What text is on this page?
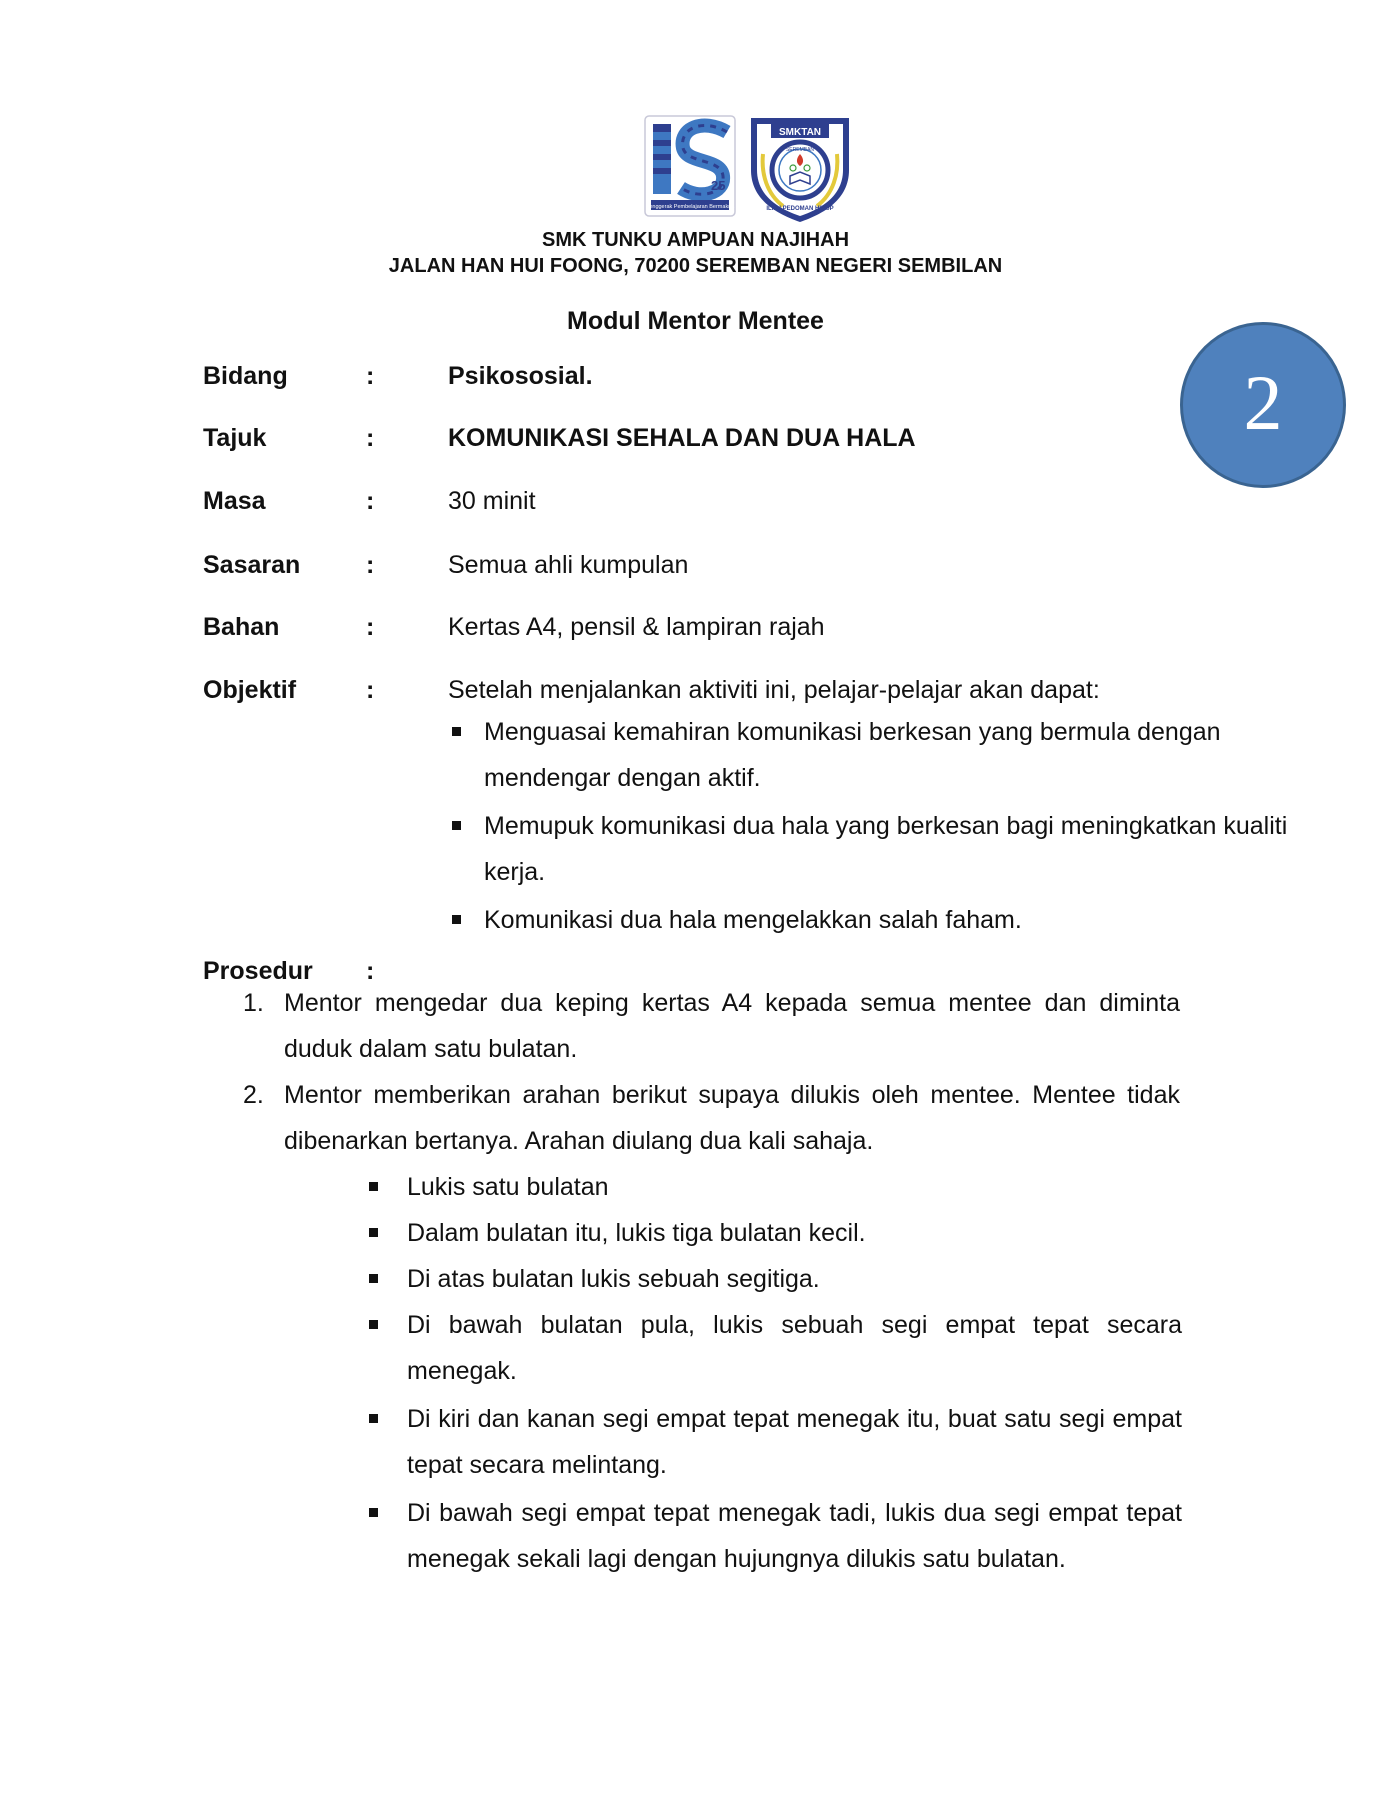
25
Penggerak Pembelajaran Bermakna
SMKTAN
SEREMBAN
ILMU PEDOMAN HIDUP
SMK TUNKU AMPUAN NAJIHAH
JALAN HAN HUI FOONG, 70200 SEREMBAN NEGERI SEMBILAN
Modul Mentor Mentee
2
Bidang	:	Psikososial.
Tajuk	:	KOMUNIKASI SEHALA DAN DUA HALA
Masa	:	30 minit
Sasaran	:	Semua ahli kumpulan
Bahan	:	Kertas A4, pensil & lampiran rajah
Objektif	:	Setelah menjalankan aktiviti ini, pelajar-pelajar akan dapat:
Menguasai kemahiran komunikasi berkesan yang bermula dengan mendengar dengan aktif.
Memupuk komunikasi dua hala yang berkesan bagi meningkatkan kualiti kerja.
Komunikasi dua hala mengelakkan salah faham.
Prosedur :
1. Mentor mengedar dua keping kertas A4 kepada semua mentee dan diminta duduk dalam satu bulatan.
2. Mentor memberikan arahan berikut supaya dilukis oleh mentee. Mentee tidak dibenarkan bertanya. Arahan diulang dua kali sahaja.
Lukis satu bulatan
Dalam bulatan itu, lukis tiga bulatan kecil.
Di atas bulatan lukis sebuah segitiga.
Di bawah bulatan pula, lukis sebuah segi empat tepat secara menegak.
Di kiri dan kanan segi empat tepat menegak itu, buat satu segi empat tepat secara melintang.
Di bawah segi empat tepat menegak tadi, lukis dua segi empat tepat menegak sekali lagi dengan hujungnya dilukis satu bulatan.
